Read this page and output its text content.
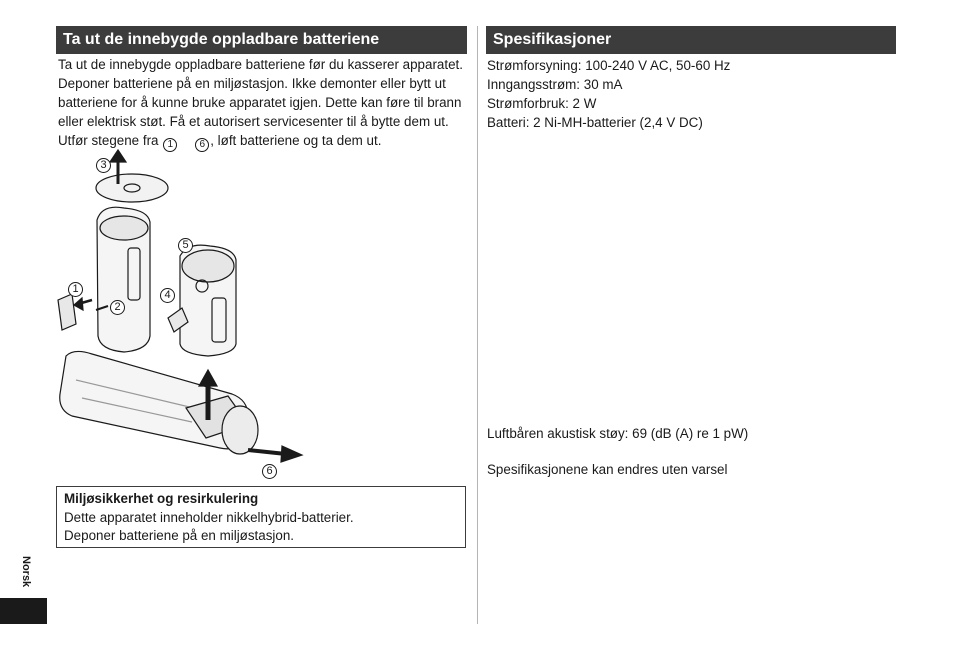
Ta ut de innebygde oppladbare batteriene
Ta ut de innebygde oppladbare batteriene før du kasserer apparatet.
Deponer batteriene på en miljøstasjon. Ikke demonter eller bytt ut
batteriene for å kunne bruke apparatet igjen. Dette kan føre til brann
eller elektrisk støt. Få et autorisert servicesenter til å bytte dem ut.
Utfør stegene fra 1	6 , løft batteriene og ta dem ut.
3
1
2
5
4
6
Miljøsikkerhet og resirkulering
Dette apparatet inneholder nikkelhybrid-batterier.
Deponer batteriene på en miljøstasjon.
Norsk
Spesifikasjoner
Strømforsyning: 100-240 V AC, 50-60 Hz
Inngangsstrøm: 30 mA
Strømforbruk: 2 W
Batteri: 2 Ni-MH-batterier (2,4 V DC)
Luftbåren akustisk støy: 69 (dB (A) re 1 pW)
Spesifikasjonene kan endres uten varsel
